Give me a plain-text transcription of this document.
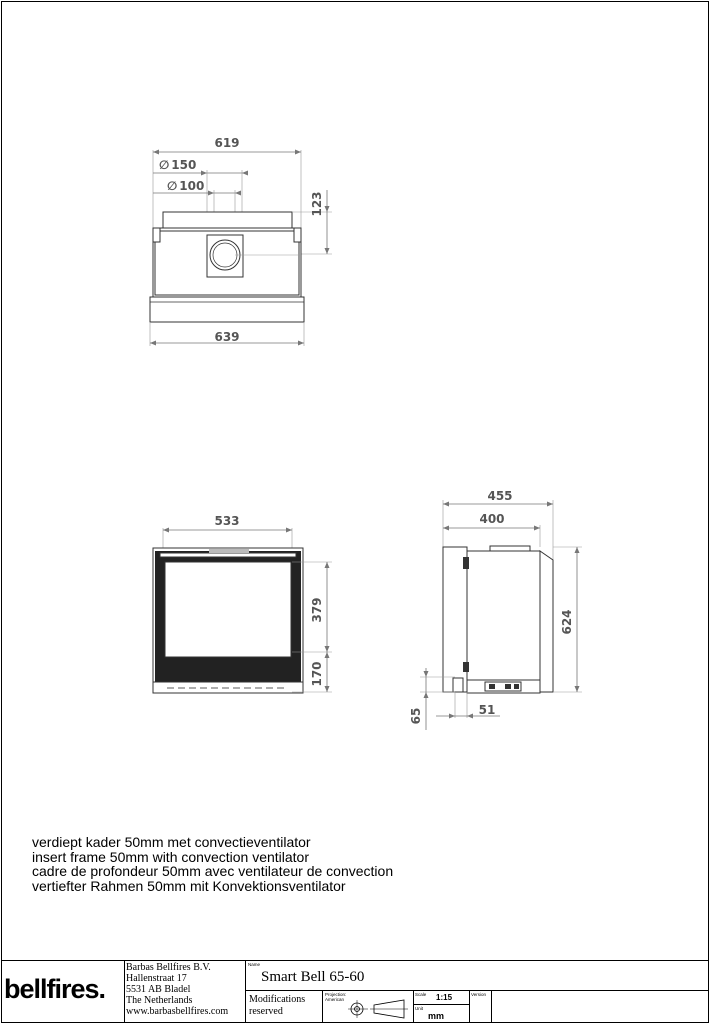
619
∅ 150
∅ 100
123
639
533
379
170
455
400
624
65	51
verdiept kader 50mm met convectieventilator
insert frame 50mm with convection ventilator
cadre de profondeur 50mm avec ventilateur de convection
vertiefter Rahmen 50mm mit Konvektionsventilator
bellfires.
Barbas Bellfires B.V.
Hallenstraat 17
5531 AB Bladel
The Netherlands
www.barbasbellfires.com
Name
Smart Bell 65-60
Modifications
reserved
Projection:
American
Scale 1:15
Unit
mm
Version
